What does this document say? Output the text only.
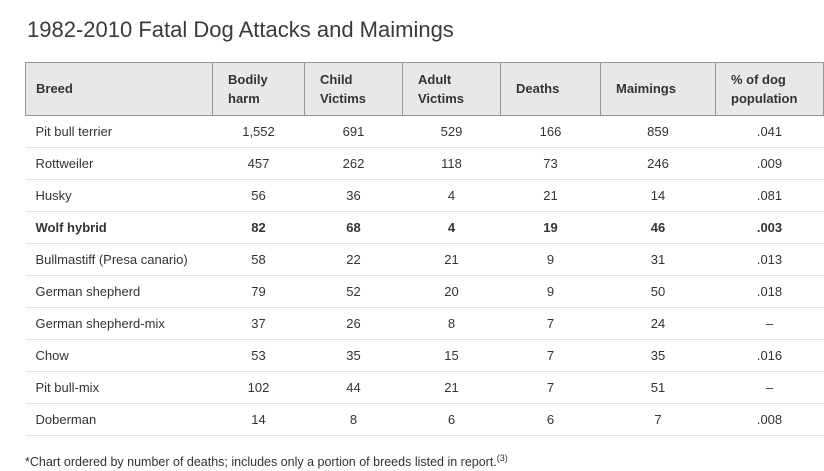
1982-2010 Fatal Dog Attacks and Maimings
Breed	Bodily harm	Child Victims	Adult Victims	Deaths	Maimings	% of dog population
Pit bull terrier	1,552	691	529	166	859	.041
Rottweiler	457	262	118	73	246	.009
Husky	56	36	4	21	14	.081
Wolf hybrid	82	68	4	19	46	.003
Bullmastiff (Presa canario)	58	22	21	9	31	.013
German shepherd	79	52	20	9	50	.018
German shepherd-mix	37	26	8	7	24	–
Chow	53	35	15	7	35	.016
Pit bull-mix	102	44	21	7	51	–
Doberman	14	8	6	6	7	.008

*Chart ordered by number of deaths; includes only a portion of breeds listed in report.$^{(3)}$
